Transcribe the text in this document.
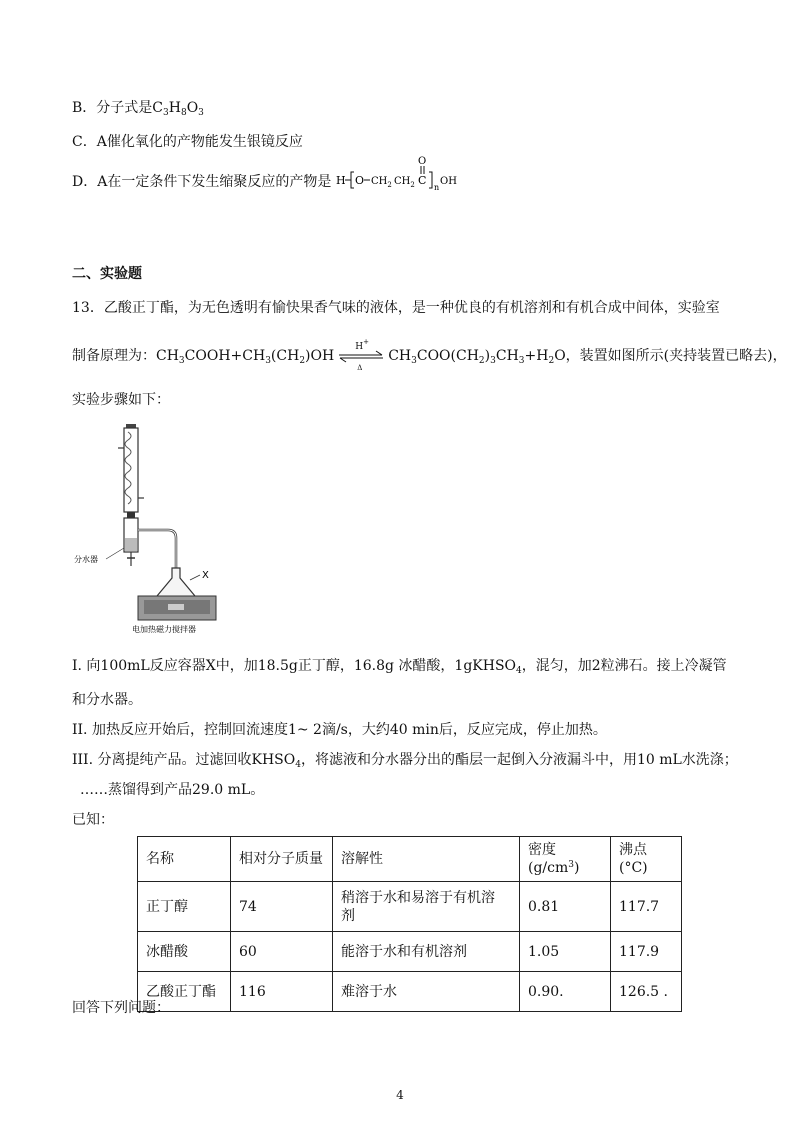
B．分子式是$C_3H_8O_3$
C．A催化氧化的产物能发生银镜反应
D．A在一定条件下发生缩聚反应的产物是 H O $CH_2$ $CH_2$ C
O
n
OH
二、实验题
13．乙酸正丁酯，为无色透明有愉快果香气味的液体，是一种优良的有机溶剂和有机合成中间体，实验室
制备原理为：$CH_3COOH+CH_3(CH_2)OH$
H+
Δ
$CH_3COO(CH_2)_3CH_3+H_2O$，装置如图所示(夹持装置已略去)，
实验步骤如下：
X
分水器
电加热磁力搅拌器
I. 向100mL反应容器X中，加18.5g正丁醇，16.8g 冰醋酸，1gKHSO$_4$，混匀，加2粒沸石。接上冷凝管
和分水器。
II. 加热反应开始后，控制回流速度1~ 2滴/s，大约40 min后，反应完成，停止加热。
III. 分离提纯产品。过滤回收$KHSO_4$，将滤液和分水器分出的酯层一起倒入分液漏斗中，用10 mL水洗涤；
……蒸馏得到产品29.0 mL。
已知：
名称	相对分子质量	溶解性	密度$(g/cm^3)$	沸点(°C)
正丁醇	74	稍溶于水和易溶于有机溶
剂	0.81	117.7
冰醋酸	60	能溶于水和有机溶剂	1.05	117.9
乙酸正丁酯	116	难溶于水	0.90.	126.5 .
回答下列问题：
4
